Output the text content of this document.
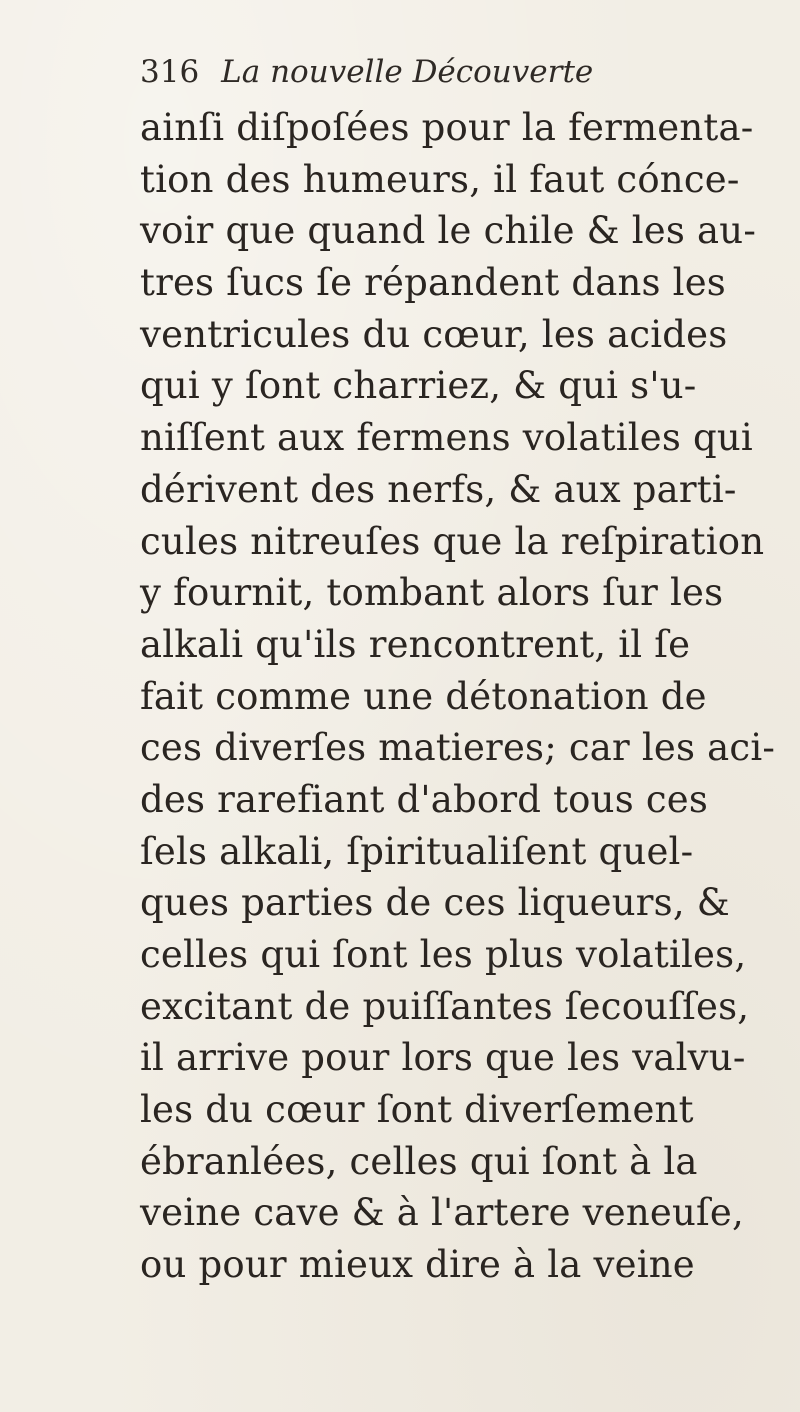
316 La nouvelle Découverte
ainſi diſpoſées pour la fermenta-
tion des humeurs, il faut cónce-
voir que quand le chile & les au-
tres ſucs ſe répandent dans les
ventricules du cœur, les acides
qui y ſont charriez, & qui s'u-
niſſent aux fermens volatiles qui
dérivent des nerfs, & aux parti-
cules nitreuſes que la reſpiration
y fournit, tombant alors ſur les
alkali qu'ils rencontrent, il ſe
fait comme une détonation de
ces diverſes matieres; car les aci-
des rarefiant d'abord tous ces
ſels alkali, ſpiritualiſent quel-
ques parties de ces liqueurs, &
celles qui ſont les plus volatiles,
excitant de puiſſantes ſecouſſes,
il arrive pour lors que les valvu-
les du cœur ſont diverſement
ébranlées, celles qui ſont à la
veine cave & à l'artere veneuſe,
ou pour mieux dire à la veine
